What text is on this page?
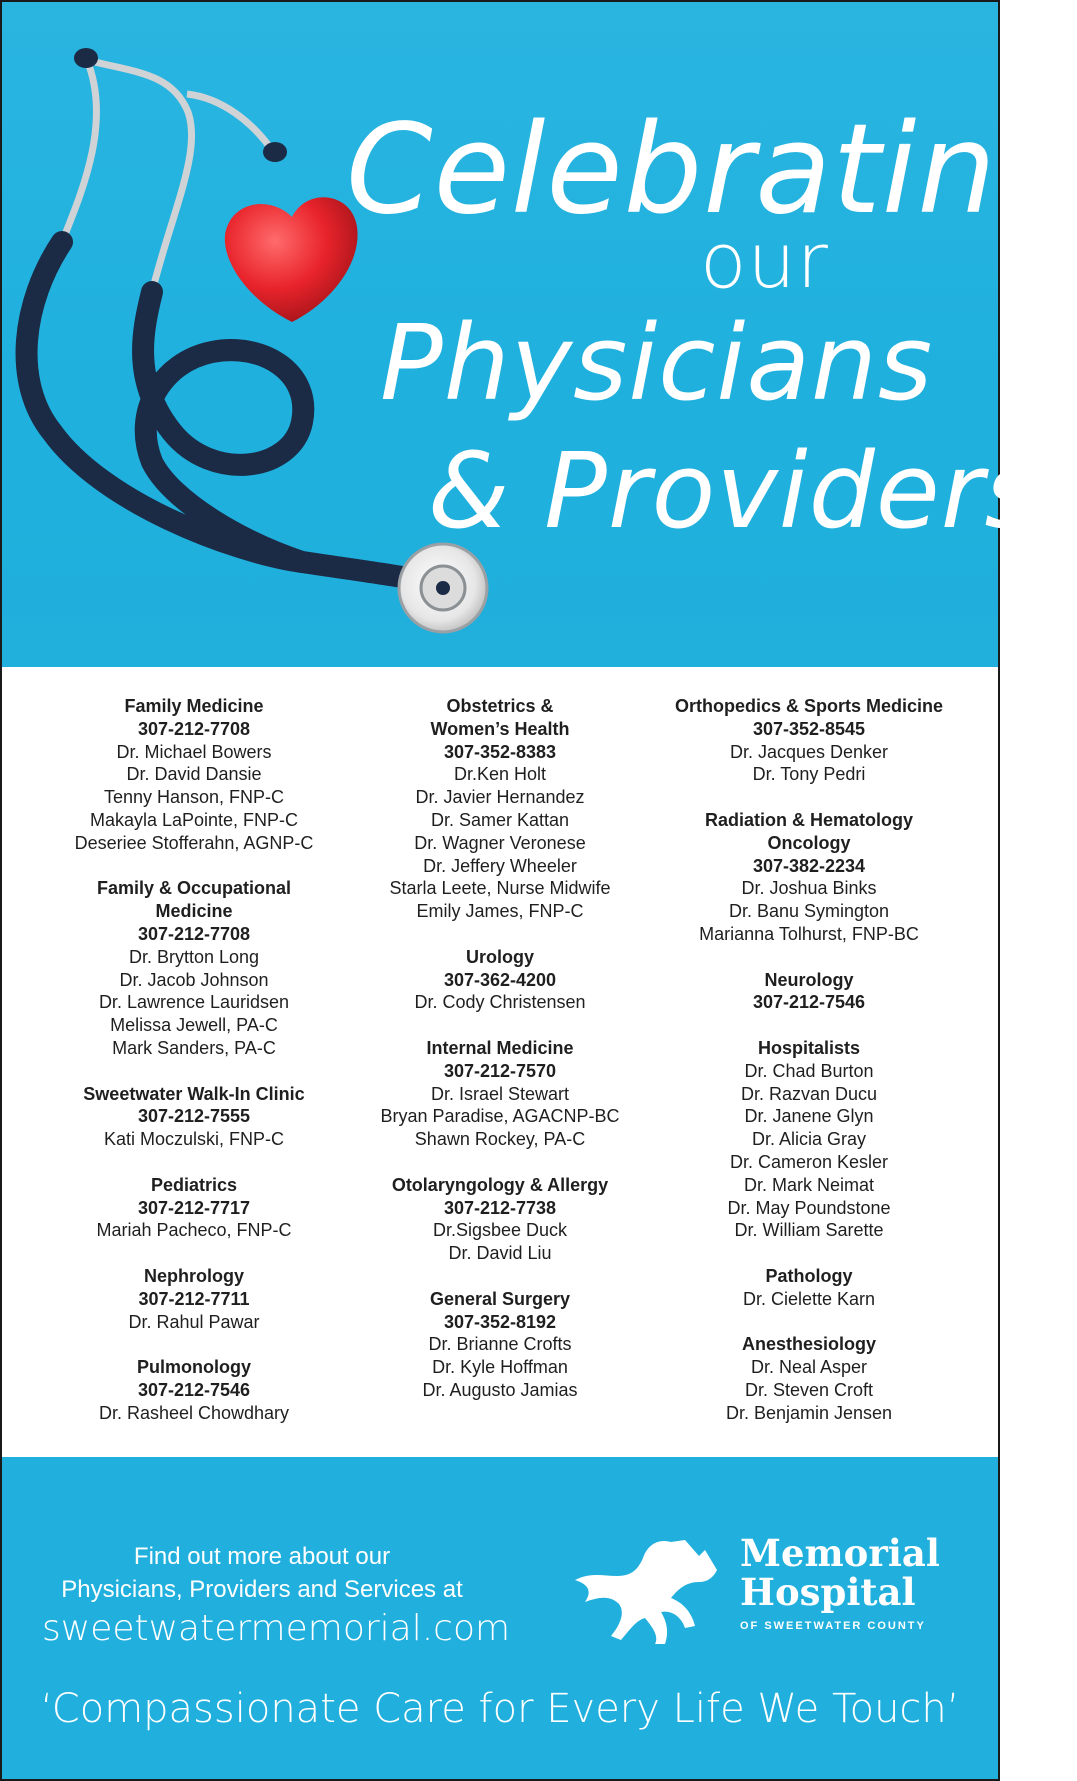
Celebrating
our
Physicians
& Providers
Family Medicine
307-212-7708
Dr. Michael Bowers
Dr. David Dansie
Tenny Hanson, FNP-C
Makayla LaPointe, FNP-C
Deseriee Stofferahn, AGNP-C
Family & Occupational
Medicine
307-212-7708
Dr. Brytton Long
Dr. Jacob Johnson
Dr. Lawrence Lauridsen
Melissa Jewell, PA-C
Mark Sanders, PA-C
Sweetwater Walk-In Clinic
307-212-7555
Kati Moczulski, FNP-C
Pediatrics
307-212-7717
Mariah Pacheco, FNP-C
Nephrology
307-212-7711
Dr. Rahul Pawar
Pulmonology
307-212-7546
Dr. Rasheel Chowdhary
Obstetrics &
Women’s Health
307-352-8383
Dr.Ken Holt
Dr. Javier Hernandez
Dr. Samer Kattan
Dr. Wagner Veronese
Dr. Jeffery Wheeler
Starla Leete, Nurse Midwife
Emily James, FNP-C
Urology
307-362-4200
Dr. Cody Christensen
Internal Medicine
307-212-7570
Dr. Israel Stewart
Bryan Paradise, AGACNP-BC
Shawn Rockey, PA-C
Otolaryngology & Allergy
307-212-7738
Dr.Sigsbee Duck
Dr. David Liu
General Surgery
307-352-8192
Dr. Brianne Crofts
Dr. Kyle Hoffman
Dr. Augusto Jamias
Orthopedics & Sports Medicine
307-352-8545
Dr. Jacques Denker
Dr. Tony Pedri
Radiation & Hematology
Oncology
307-382-2234
Dr. Joshua Binks
Dr. Banu Symington
Marianna Tolhurst, FNP-BC
Neurology
307-212-7546
Hospitalists
Dr. Chad Burton
Dr. Razvan Ducu
Dr. Janene Glyn
Dr. Alicia Gray
Dr. Cameron Kesler
Dr. Mark Neimat
Dr. May Poundstone
Dr. William Sarette
Pathology
Dr. Cielette Karn
Anesthesiology
Dr. Neal Asper
Dr. Steven Croft
Dr. Benjamin Jensen
Find out more about our
Physicians, Providers and Services at
sweetwatermemorial.com
Memorial
Hospital
OF SWEETWATER COUNTY
‘Compassionate Care for Every Life We Touch’
